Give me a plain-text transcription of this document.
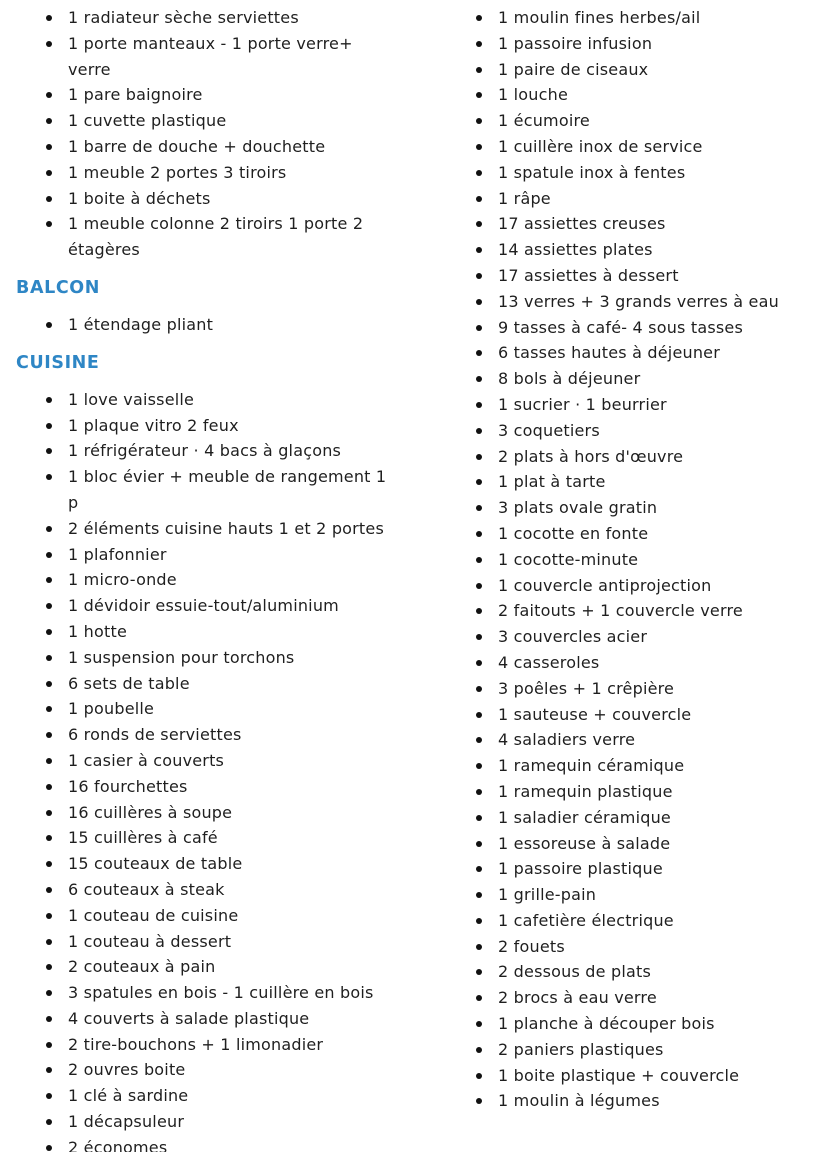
1 radiateur sèche serviettes
1 porte manteaux - 1 porte verre+ verre
1 pare baignoire
1 cuvette plastique
1 barre de douche + douchette
1 meuble 2 portes 3 tiroirs
1 boite à déchets
1 meuble colonne 2 tiroirs 1 porte 2 étagères
BALCON
1 étendage pliant
CUISINE
1 love vaisselle
1 plaque vitro 2 feux
1 réfrigérateur · 4 bacs à glaçons
1 bloc évier + meuble de rangement 1 p
2 éléments cuisine hauts 1 et 2 portes
1 plafonnier
1 micro-onde
1 dévidoir essuie-tout/aluminium
1 hotte
1 suspension pour torchons
6 sets de table
1 poubelle
6 ronds de serviettes
1 casier à couverts
16 fourchettes
16 cuillères à soupe
15 cuillères à café
15 couteaux de table
6 couteaux à steak
1 couteau de cuisine
1 couteau à dessert
2 couteaux à pain
3 spatules en bois - 1 cuillère en bois
4 couverts à salade plastique
2 tire-bouchons + 1 limonadier
2 ouvres boite
1 clé à sardine
1 décapsuleur
2 économes
1 moulin fines herbes/ail
1 passoire infusion
1 paire de ciseaux
1 louche
1 écumoire
1 cuillère inox de service
1 spatule inox à fentes
1 râpe
17 assiettes creuses
14 assiettes plates
17 assiettes à dessert
13 verres + 3 grands verres à eau
9 tasses à café- 4 sous tasses
6 tasses hautes à déjeuner
8 bols à déjeuner
1 sucrier · 1 beurrier
3 coquetiers
2 plats à hors d'œuvre
1 plat à tarte
3 plats ovale gratin
1 cocotte en fonte
1 cocotte-minute
1 couvercle antiprojection
2 faitouts + 1 couvercle verre
3 couvercles acier
4 casseroles
3 poêles + 1 crêpière
1 sauteuse + couvercle
4 saladiers verre
1 ramequin céramique
1 ramequin plastique
1 saladier céramique
1 essoreuse à salade
1 passoire plastique
1 grille-pain
1 cafetière électrique
2 fouets
2 dessous de plats
2 brocs à eau verre
1 planche à découper bois
2 paniers plastiques
1 boite plastique + couvercle
1 moulin à légumes
